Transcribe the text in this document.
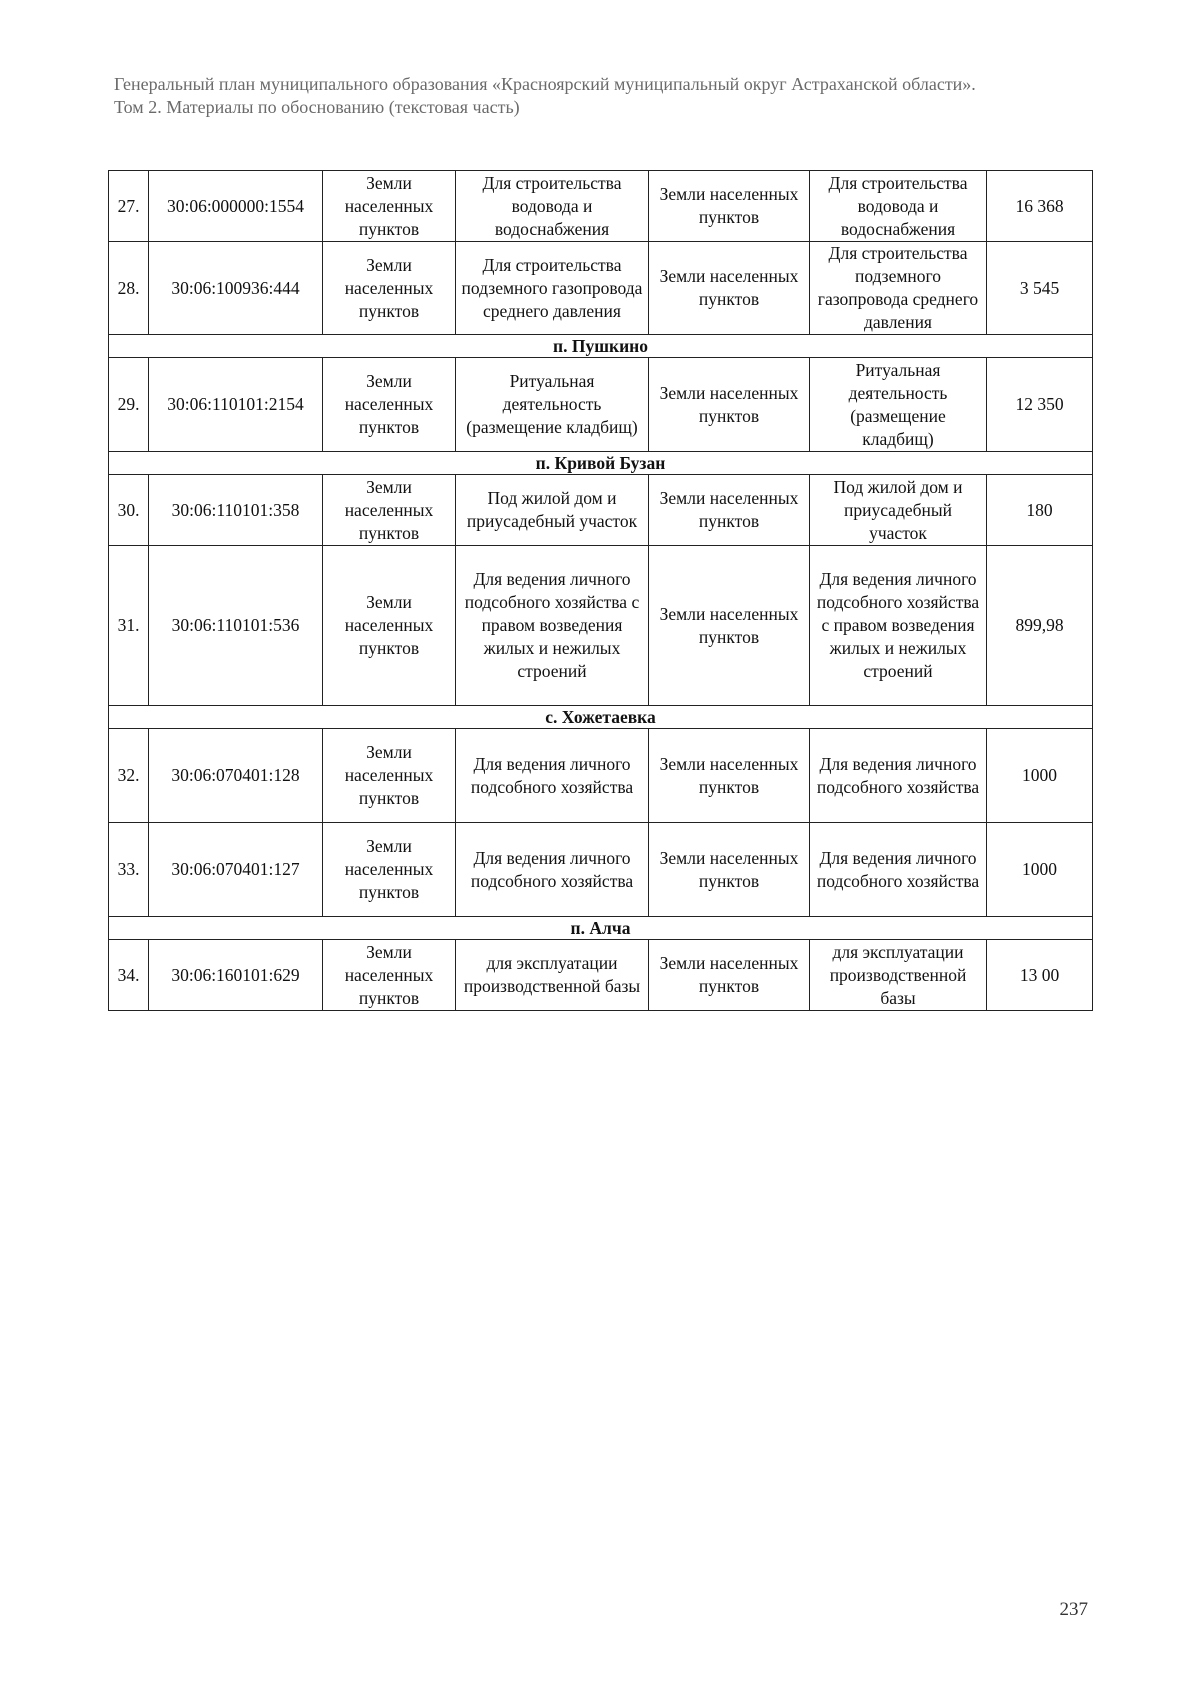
Генеральный план муниципального образования «Красноярский муниципальный округ Астраханской области».
Том 2. Материалы по обоснованию (текстовая часть)
27.	30:06:000000:1554	Земли населенных пунктов	Для строительства водовода и водоснабжения	Земли населенных пунктов	Для строительства водовода и водоснабжения	16 368
28.	30:06:100936:444	Земли населенных пунктов	Для строительства подземного газопровода среднего давления	Земли населенных пунктов	Для строительства подземного газопровода среднего давления	3 545
п. Пушкино						
29.	30:06:110101:2154	Земли населенных пунктов	Ритуальная деятельность (размещение кладбищ)	Земли населенных пунктов	Ритуальная деятельность (размещение кладбищ)	12 350
п. Кривой Бузан						
30.	30:06:110101:358	Земли населенных пунктов	Под жилой дом и приусадебный участок	Земли населенных пунктов	Под жилой дом и приусадебный участок	180
31.	30:06:110101:536	Земли населенных пунктов	Для ведения личного подсобного хозяйства с правом возведения жилых и нежилых строений	Земли населенных пунктов	Для ведения личного подсобного хозяйства с правом возведения жилых и нежилых строений	899,98
с. Хожетаевка						
32.	30:06:070401:128	Земли населенных пунктов	Для ведения личного подсобного хозяйства	Земли населенных пунктов	Для ведения личного подсобного хозяйства	1000
33.	30:06:070401:127	Земли населенных пунктов	Для ведения личного подсобного хозяйства	Земли населенных пунктов	Для ведения личного подсобного хозяйства	1000
п. Алча						
34.	30:06:160101:629	Земли населенных пунктов	для эксплуатации производственной базы	Земли населенных пунктов	для эксплуатации производственной базы	13 00
237
